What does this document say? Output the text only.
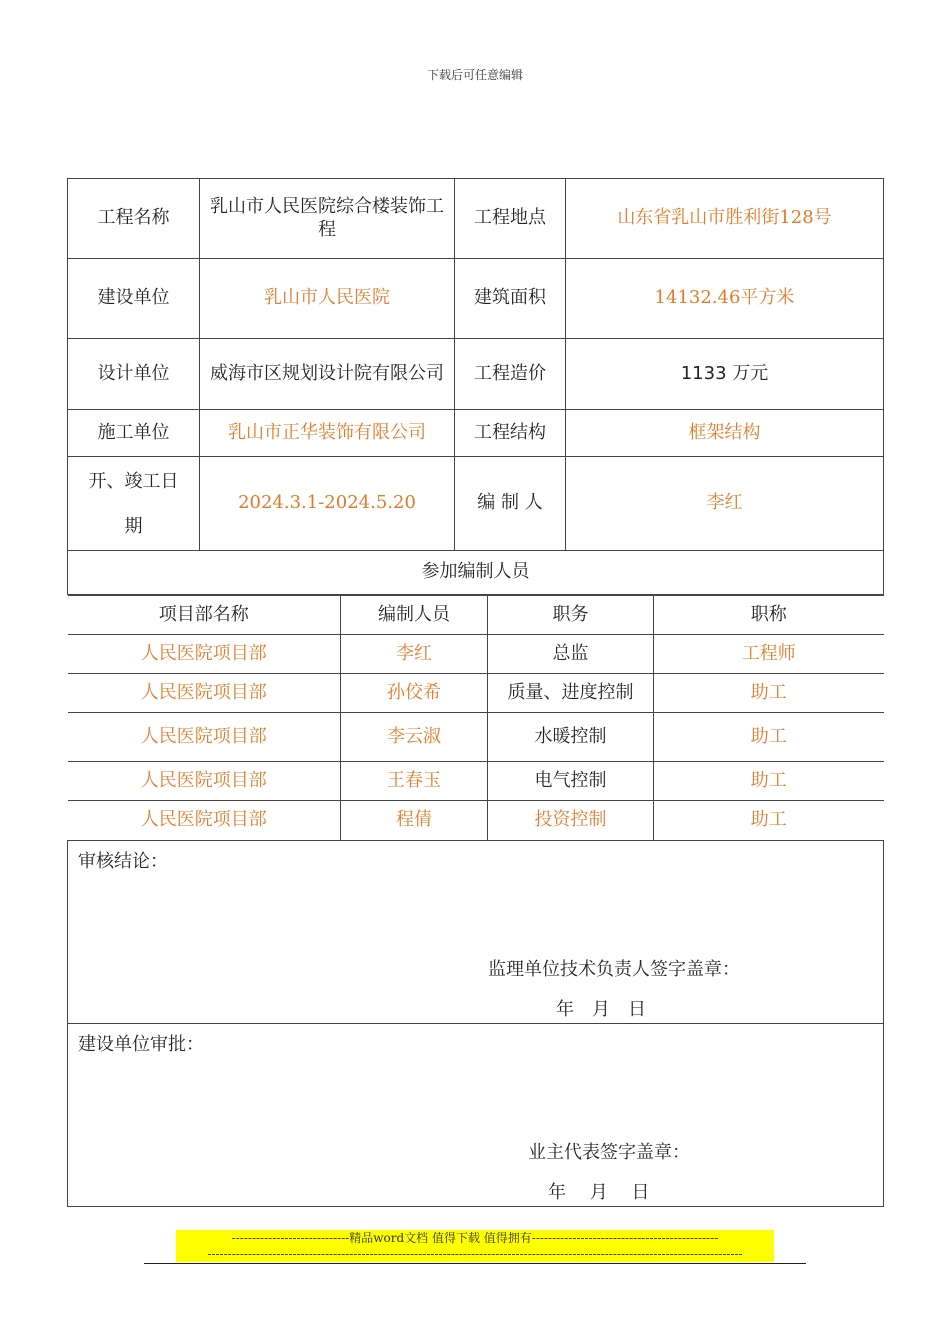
下载后可任意编辑
工程名称	乳山市人民医院综合楼装饰工程	工程地点	山东省乳山市胜利街128号
建设单位	乳山市人民医院	建筑面积	14132.46平方米
设计单位	威海市区规划设计院有限公司	工程造价	1133 万元
施工单位	乳山市正华装饰有限公司	工程结构	框架结构
开、竣工日期	2024.3.1-2024.5.20	编 制 人	李红
参加编制人员

项目部名称	编制人员	职务	职称
人民医院项目部	李红	总监	工程师
人民医院项目部	孙佼希	质量、进度控制	助工
人民医院项目部	李云淑	水暖控制	助工
人民医院项目部	王春玉	电气控制	助工
人民医院项目部	程倩	投资控制	助工

审核结论：
监理单位技术负责人签字盖章：
年　月　日

建设单位审批：
业主代表签字盖章：
年　 月　 日
-----------------------------精品word文档 值得下载 值得拥有----------------------------------------------
------------------------------------------------------------------------------------------------------------------------------------
